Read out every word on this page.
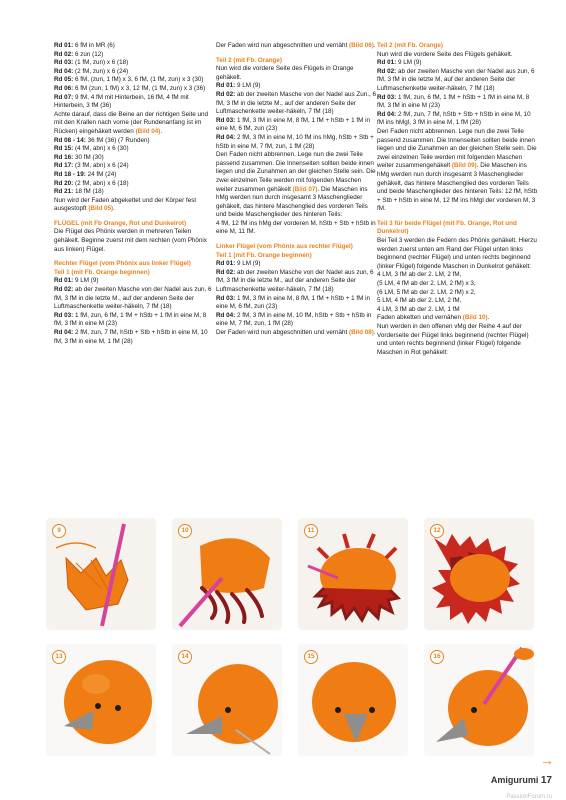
Rd 01: 6 fM in MR (6)

Rd 02: 6 zun (12)

Rd 03: (1 fM, zun) x 6 (18)

Rd 04: (2 fM, zun) x 6 (24)

Rd 05: 6 fM, (zun, 1 fM) x 3, 6 fM, (1 fM, zun) x 3 (30)

Rd 06: 6 fM (zun, 1 fM) x 3, 12 fM, (1 fM, zun) x 3 (36)

Rd 07: 9 fM, 4 fM mit Hinterbein, 16 fM, 4 fM mit Hinterbein, 3 fM (36)

Achte darauf, dass die Beine an der richtigen Seite und mit den Krallen nach vorne (der Rundenanfang ist im Rücken) eingehäkelt werden (Bild 04).

Rd 08 - 14: 36 fM (36) (7 Runden)

Rd 15: (4 fM, abn) x 6 (30)

Rd 16: 30 fM (30)

Rd 17: (3 fM, abn) x 6 (24)

Rd 18 - 19: 24 fM (24)

Rd 20: (2 fM, abn) x 6 (18)

Rd 21: 18 fM (18)

Nun wird der Faden abgekettet und der Körper fest ausgestopft (Bild 05).

FLÜGEL (mit Fb Orange, Rot und Dunkelrot)

Die Flügel des Phönix werden in mehreren Teilen gehäkelt. Beginne zuerst mit dem rechten (vom Phönix aus linken) Flügel.

Rechter Flügel (vom Phönix aus linker Flügel)

Teil 1 (mit Fb. Orange beginnen)

Rd 01: 9 LM (9)

Rd 02: ab der zweiten Masche von der Nadel aus zun, 6 fM, 3 fM in die letzte M., auf der anderen Seite der Luftmaschenkette weiter-häkeln, 7 fM (18)

Rd 03: 1 fM, zun, 6 fM, 1 fM + hStb + 1 fM in eine M, 8 fM, 3 fM in eine M (23)

Rd 04: 2 fM, zun, 7 fM, hStb + Stb + hStb in eine M, 10 fM, 3 fM in eine M, 1 fM (28)

Der Faden wird nun abgeschnitten und vernäht (Bild 06).

Teil 2 (mit Fb. Orange)

Nun wird die vordere Seite des Flügels in Orange gehäkelt.

Rd 01: 9 LM (9)

Rd 02: ab der zweiten Masche von der Nadel aus Zun., 6 fM, 3 fM in die letzte M., auf der anderen Seite der Luftmaschenkette weiter-häkeln, 7 fM (18)

Rd 03: 1 fM, 3 fM in eine M, 8 fM, 1 fM + hStb + 1 fM in eine M, 6 fM, zun (23)

Rd 04: 2 fM, 3 fM in eine M, 10 fM ins hMg, hStb + Stb + hStb in eine M, 7 fM, zun, 1 fM (28)

Den Faden nicht abbrennen. Lege nun die zwei Teile passend zusammen. Die Innenseiten sollten beide innen liegen und die Zunahmen an der gleichen Stelle sein. Die zwei einzelnen Teile werden mit folgenden Maschen weiter zusammen gehäkelt (Bild 07). Die Maschen ins hMg werden nun durch insgesamt 3 Maschenglieder gehäkelt, das hintere Maschenglied des vorderen Teils und beide Maschenglieder des hinteren Teils:

4 fM, 12 fM ins hMg der vorderen M, hStb + Stb + hStb in eine M, 11 fM.

Linker Flügel (vom Phönix aus rechter Flügel)

Teil 1 (mit Fb. Orange beginnen)

Rd 01: 9 LM (9)

Rd 02: ab der zweiten Masche von der Nadel aus zun, 6 fM, 3 fM in die letzte M., auf der anderen Seite der Luftmaschenkette weiter-häkeln, 7 fM (18)

Rd 03: 1 fM, 3 fM in eine M, 8 fM, 1 fM + hStb + 1 fM in eine M, 6 fM, zun (23)

Rd 04: 2 fM, 3 fM in eine M, 10 fM, hStb + Stb + hStb in eine M, 7 fM, zun, 1 fM (28)

Der Faden wird nun abgeschnitten und vernäht (Bild 08).

Teil 2 (mit Fb. Orange)

Nun wird die vordere Seite des Flügels gehäkelt.

Rd 01: 9 LM (9)

Rd 02: ab der zweiten Masche von der Nadel aus zun, 6 fM, 3 fM in die letzte M, auf der anderen Seite der Luftmaschenkette weiter-häkeln, 7 fM (18)

Rd 03: 1 fM, zun, 6 fM, 1 fM + hStb + 1 fM in eine M, 8 fM, 3 fM in eine M (23)

Rd 04: 2 fM, zun, 7 fM, hStb + Stb + hStb in eine M, 10 fM ins hMgl, 3 fM in eine M, 1 fM (28)

Den Faden nicht abbrennen. Lege nun die zwei Teile passend zusammen. Die Innenseiten sollten beide innen liegen und die Zunahmen an der gleichen Stelle sein. Die zwei einzelnen Teile werden mit folgenden Maschen weiter zusammengehäkelt (Bild 09). Die Maschen ins hMg werden nun durch insgesamt 3 Maschenglieder gehäkelt, das hintere Maschenglied des vorderen Teils und beide Maschenglieder des hinteren Teils: 12 fM, hStb + Stb + hStb in eine M, 12 fM ins hMgl der vorderen M, 3 fM.

Teil 3 für beide Flügel (mit Fb. Orange, Rot und Dunkelrot)

Bei Teil 3 werden die Federn des Phönix gehäkelt. Hierzu werden zuerst unten am Rand der Flügel unten links beginnend (rechter Flügel) und unten rechts beginnend (linker Flügel) folgende Maschen in Dunkelrot gehäkelt:

4 LM, 3 fM ab der 2. LM, 2 fM,

(5 LM, 4 fM ab der 2. LM, 2 fM) x 3,

(6 LM, 5 fM ab der 2. LM, 2 fM) x 2,

5 LM, 4 fM ab der 2. LM, 2 fM,

4 LM, 3 fM ab der 2. LM, 1 fM

Faden abketten und vernähen (Bild 10).

Nun werden in den offenen vMg der Reihe 4 auf der Vorderseite der Flügel links beginnend (rechter Flügel) und unten rechts beginnend (linker Flügel) folgende Maschen in Rot gehäkelt:

9	10	11	12
13	14	15	16
→
Amigurumi 17
PassionForum.ru
